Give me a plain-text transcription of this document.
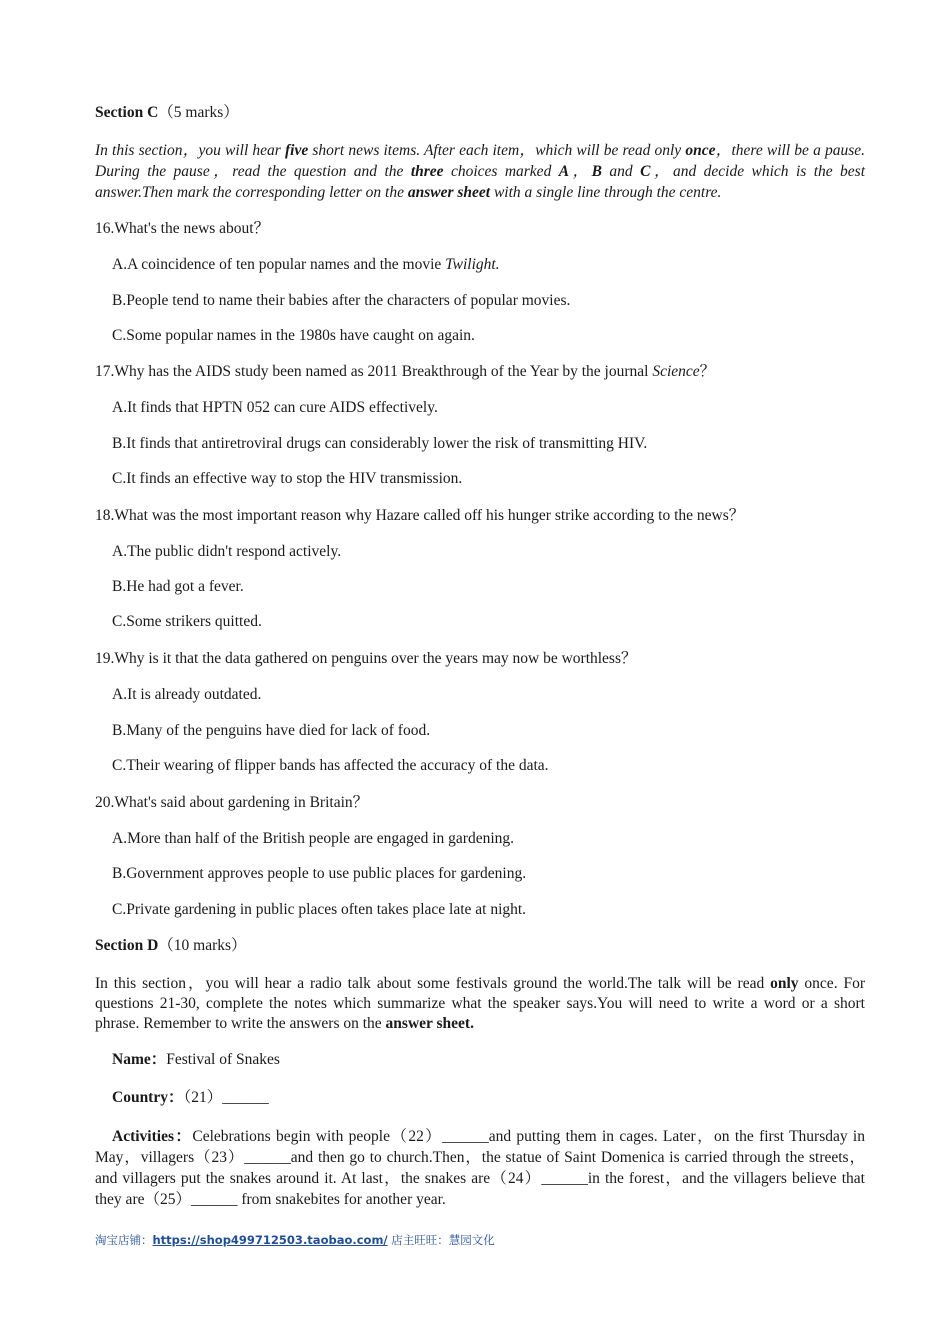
Section C（5 marks）
In this section，you will hear five short news items. After each item，which will be read only once，there will be a pause. During the pause，read the question and the three choices marked A，B and C，and decide which is the best answer.Then mark the corresponding letter on the answer sheet with a single line through the centre.
16.What's the news about？
A.A coincidence of ten popular names and the movie Twilight.
B.People tend to name their babies after the characters of popular movies.
C.Some popular names in the 1980s have caught on again.
17.Why has the AIDS study been named as 2011 Breakthrough of the Year by the journal Science？
A.It finds that HPTN 052 can cure AIDS effectively.
B.It finds that antiretroviral drugs can considerably lower the risk of transmitting HIV.
C.It finds an effective way to stop the HIV transmission.
18.What was the most important reason why Hazare called off his hunger strike according to the news？
A.The public didn't respond actively.
B.He had got a fever.
C.Some strikers quitted.
19.Why is it that the data gathered on penguins over the years may now be worthless？
A.It is already outdated.
B.Many of the penguins have died for lack of food.
C.Their wearing of flipper bands has affected the accuracy of the data.
20.What's said about gardening in Britain？
A.More than half of the British people are engaged in gardening.
B.Government approves people to use public places for gardening.
C.Private gardening in public places often takes place late at night.
Section D（10 marks）
In this section，you will hear a radio talk about some festivals ground the world.The talk will be read only once. For questions 21-30, complete the notes which summarize what the speaker says.You will need to write a word or a short phrase. Remember to write the answers on the answer sheet.
Name：Festival of Snakes
Country：（21）______
Activities：Celebrations begin with people（22）______and putting them in cages. Later，on the first Thursday in May，villagers（23）______and then go to church.Then，the statue of Saint Domenica is carried through the streets，and villagers put the snakes around it. At last，the snakes are（24）______in the forest，and the villagers believe that they are（25）______ from snakebites for another year.
淘宝店铺：https://shop499712503.taobao.com/ 店主旺旺：慧园文化
